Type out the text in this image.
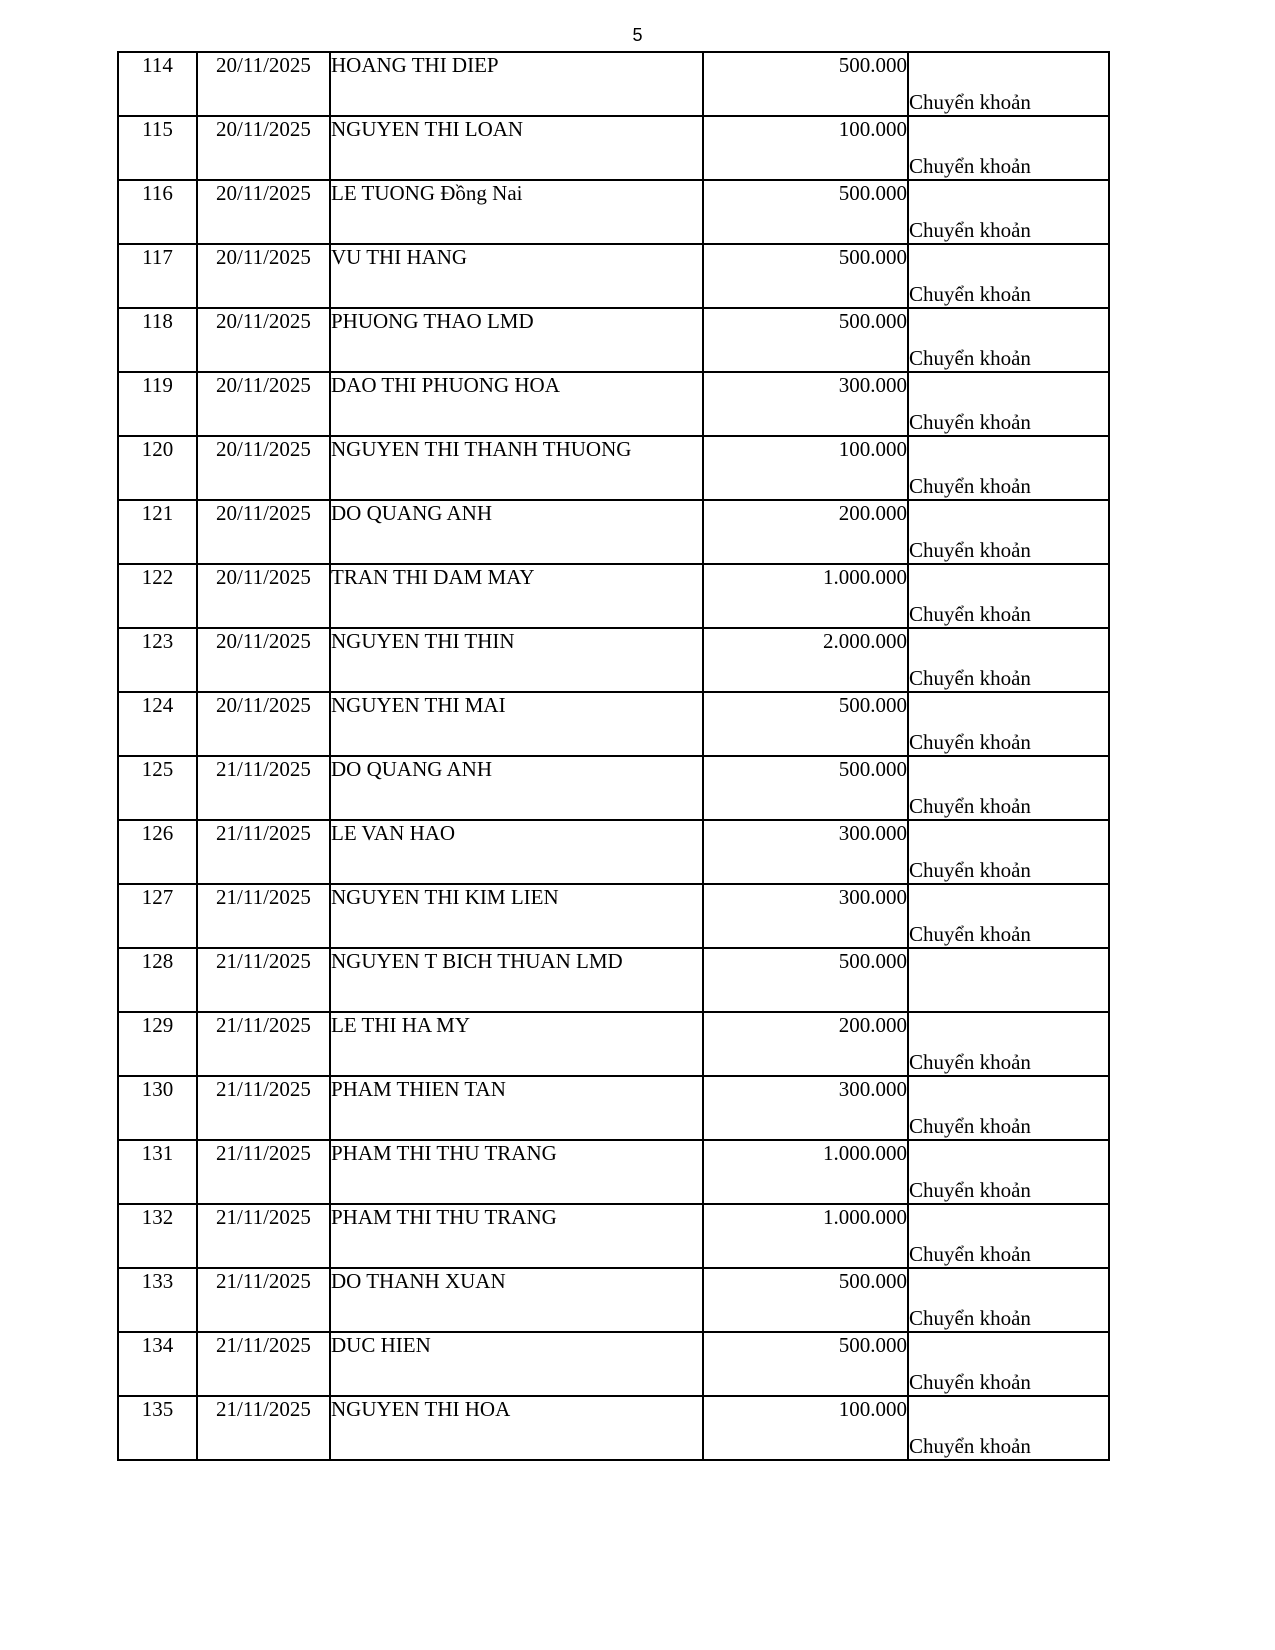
5
114	20/11/2025	HOANG THI DIEP	500.000	Chuyển khoản
115	20/11/2025	NGUYEN THI LOAN	100.000	Chuyển khoản
116	20/11/2025	LE TUONG Đồng Nai	500.000	Chuyển khoản
117	20/11/2025	VU THI HANG	500.000	Chuyển khoản
118	20/11/2025	PHUONG THAO LMD	500.000	Chuyển khoản
119	20/11/2025	DAO THI PHUONG HOA	300.000	Chuyển khoản
120	20/11/2025	NGUYEN THI THANH THUONG	100.000	Chuyển khoản
121	20/11/2025	DO QUANG ANH	200.000	Chuyển khoản
122	20/11/2025	TRAN THI DAM MAY	1.000.000	Chuyển khoản
123	20/11/2025	NGUYEN THI THIN	2.000.000	Chuyển khoản
124	20/11/2025	NGUYEN THI MAI	500.000	Chuyển khoản
125	21/11/2025	DO QUANG ANH	500.000	Chuyển khoản
126	21/11/2025	LE VAN HAO	300.000	Chuyển khoản
127	21/11/2025	NGUYEN THI KIM LIEN	300.000	Chuyển khoản
128	21/11/2025	NGUYEN T BICH THUAN LMD	500.000	
129	21/11/2025	LE THI HA MY	200.000	Chuyển khoản
130	21/11/2025	PHAM THIEN TAN	300.000	Chuyển khoản
131	21/11/2025	PHAM THI THU TRANG	1.000.000	Chuyển khoản
132	21/11/2025	PHAM THI THU TRANG	1.000.000	Chuyển khoản
133	21/11/2025	DO THANH XUAN	500.000	Chuyển khoản
134	21/11/2025	DUC HIEN	500.000	Chuyển khoản
135	21/11/2025	NGUYEN THI HOA	100.000	Chuyển khoản
